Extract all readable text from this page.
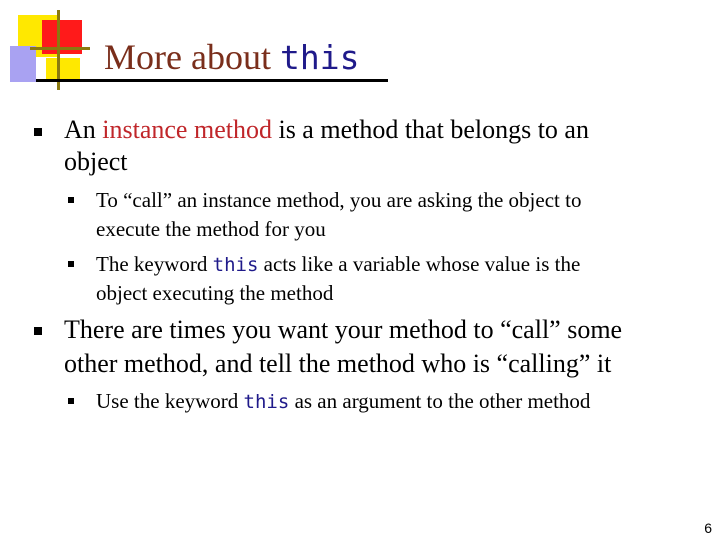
More about this
An instance method is a method that belongs to an
object
To “call” an instance method, you are asking the object to
execute the method for you
The keyword this acts like a variable whose value is the
object executing the method
There are times you want your method to “call” some
other method, and tell the method who is “calling” it
Use the keyword this as an argument to the other method
6
